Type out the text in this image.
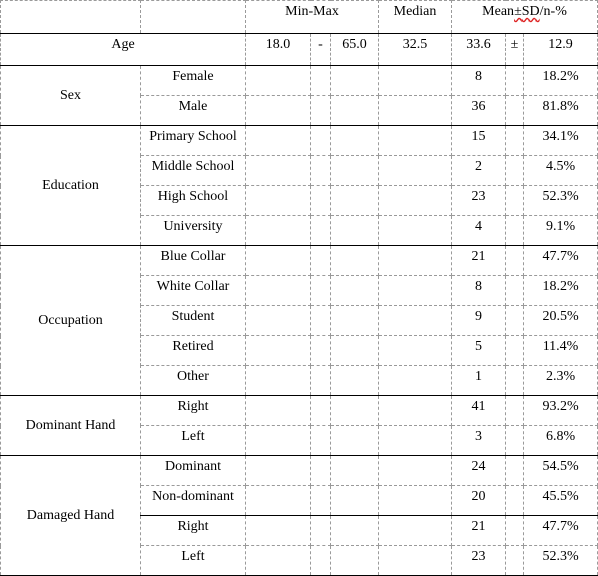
		Min-Max			Median	Mean±SD/n-%		
Age		18.0	-	65.0	32.5	33.6	±	12.9
Sex	Female					8		18.2%
	Male					36		81.8%
Education	Primary School					15		34.1%
	Middle School					2		4.5%
	High School					23		52.3%
	University					4		9.1%
Occupation	Blue Collar					21		47.7%
	White Collar					8		18.2%
	Student					9		20.5%
	Retired					5		11.4%
	Other					1		2.3%
Dominant Hand	Right					41		93.2%
	Left					3		6.8%
Damaged Hand	Dominant					24		54.5%
	Non-dominant					20		45.5%
	Right					21		47.7%
	Left					23		52.3%
